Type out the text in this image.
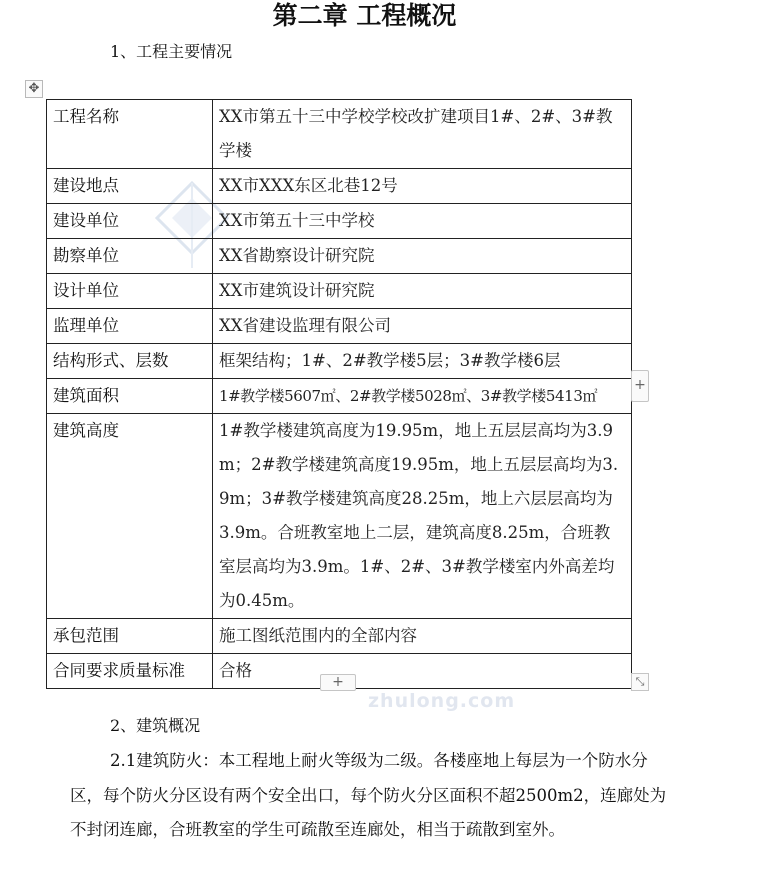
第二章 工程概况
1、工程主要情况
✥
工程名称	XX市第五十三中学校学校改扩建项目1#、2#、3#教学楼
建设地点	XX市XXX东区北巷12号
建设单位	XX市第五十三中学校
勘察单位	XX省勘察设计研究院
设计单位	XX市建筑设计研究院
监理单位	XX省建设监理有限公司
结构形式、层数	框架结构；1#、2#教学楼5层；3#教学楼6层
建筑面积	1#教学楼5607㎡、2#教学楼5028㎡、3#教学楼5413㎡
建筑高度	1#教学楼建筑高度为19.95m，地上五层层高均为3.9m；2#教学楼建筑高度19.95m，地上五层层高均为3.9m；3#教学楼建筑高度28.25m，地上六层层高均为3.9m。合班教室地上二层，建筑高度8.25m，合班教室层高均为3.9m。1#、2#、3#教学楼室内外高差均为0.45m。
承包范围	施工图纸范围内的全部内容
合同要求质量标准	合格
+
+	⤡
zhulong.com
2、建筑概况
2.1建筑防火：本工程地上耐火等级为二级。各楼座地上每层为一个防水分区，每个防火分区设有两个安全出口，每个防火分区面积不超2500m2，连廊处为不封闭连廊，合班教室的学生可疏散至连廊处，相当于疏散到室外。
